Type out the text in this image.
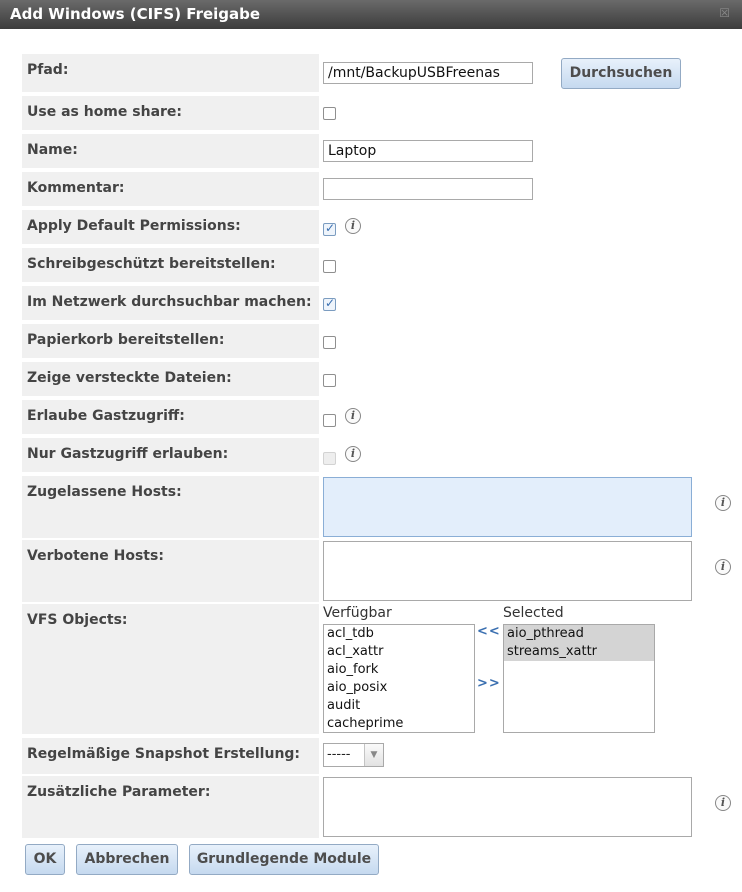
Add Windows (CIFS) Freigabe	☒
Pfad:	/mnt/BackupUSBFreenas	Durchsuchen
Use as home share:
Name:	Laptop
Kommentar:
Apply Default Permissions:
✓	i
Schreibgeschützt bereitstellen:
Im Netzwerk durchsuchbar machen:
✓
Papierkorb bereitstellen:
Zeige versteckte Dateien:
Erlaube Gastzugriff:	i
Nur Gastzugriff erlauben:	i
Zugelassene Hosts:
i
Verbotene Hosts:
i
VFS Objects:	Verfügbar	Selected
acl_tdb
acl_xattr
aio_fork
aio_posix
audit
cacheprime
<<
>>
aio_pthread
streams_xattr
Regelmäßige Snapshot Erstellung:	-----	▼
Zusätzliche Parameter:
i
OK	Abbrechen	Grundlegende Module
